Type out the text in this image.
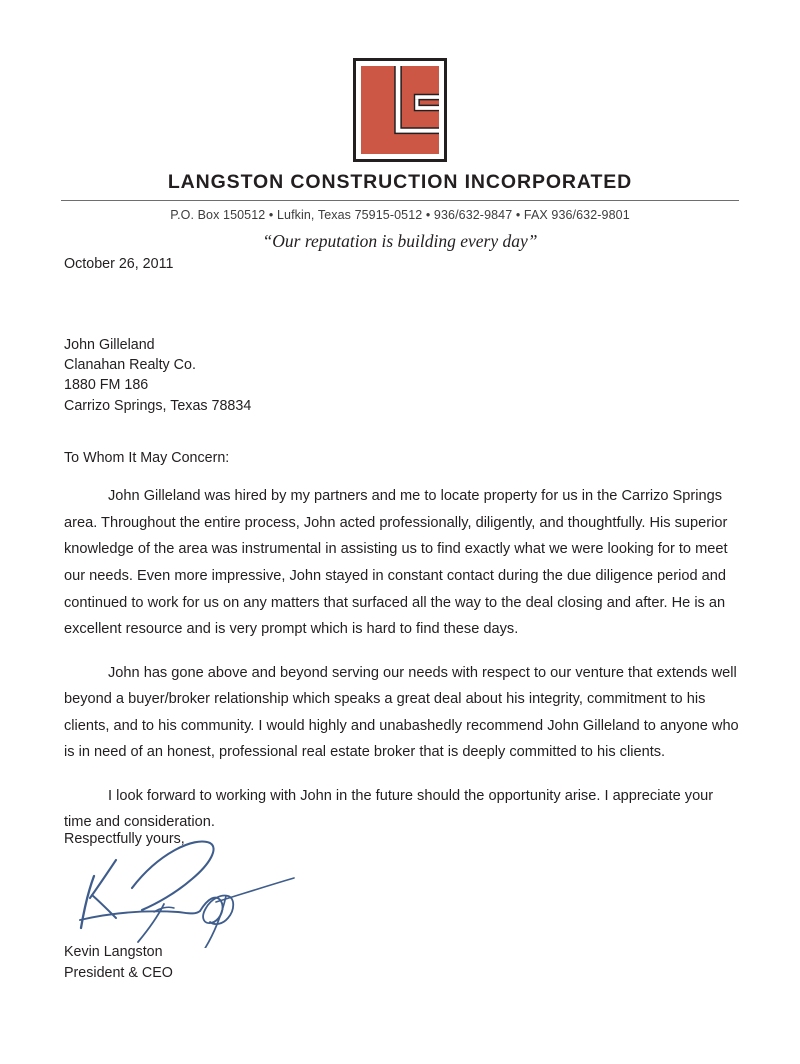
LANGSTON CONSTRUCTION INCORPORATED
P.O. Box 150512 • Lufkin, Texas 75915-0512 • 936/632-9847 • FAX 936/632-9801
“Our reputation is building every day”
October 26, 2011
John Gilleland
Clanahan Realty Co.
1880 FM 186
Carrizo Springs, Texas 78834
To Whom It May Concern:
John Gilleland was hired by my partners and me to locate property for us in the Carrizo Springs area. Throughout the entire process, John acted professionally, diligently, and thoughtfully. His superior knowledge of the area was instrumental in assisting us to find exactly what we were looking for to meet our needs. Even more impressive, John stayed in constant contact during the due diligence period and continued to work for us on any matters that surfaced all the way to the deal closing and after. He is an excellent resource and is very prompt which is hard to find these days.
John has gone above and beyond serving our needs with respect to our venture that extends well beyond a buyer/broker relationship which speaks a great deal about his integrity, commitment to his clients, and to his community. I would highly and unabashedly recommend John Gilleland to anyone who is in need of an honest, professional real estate broker that is deeply committed to his clients.
I look forward to working with John in the future should the opportunity arise. I appreciate your time and consideration.
Respectfully yours,
Kevin Langston
President & CEO
